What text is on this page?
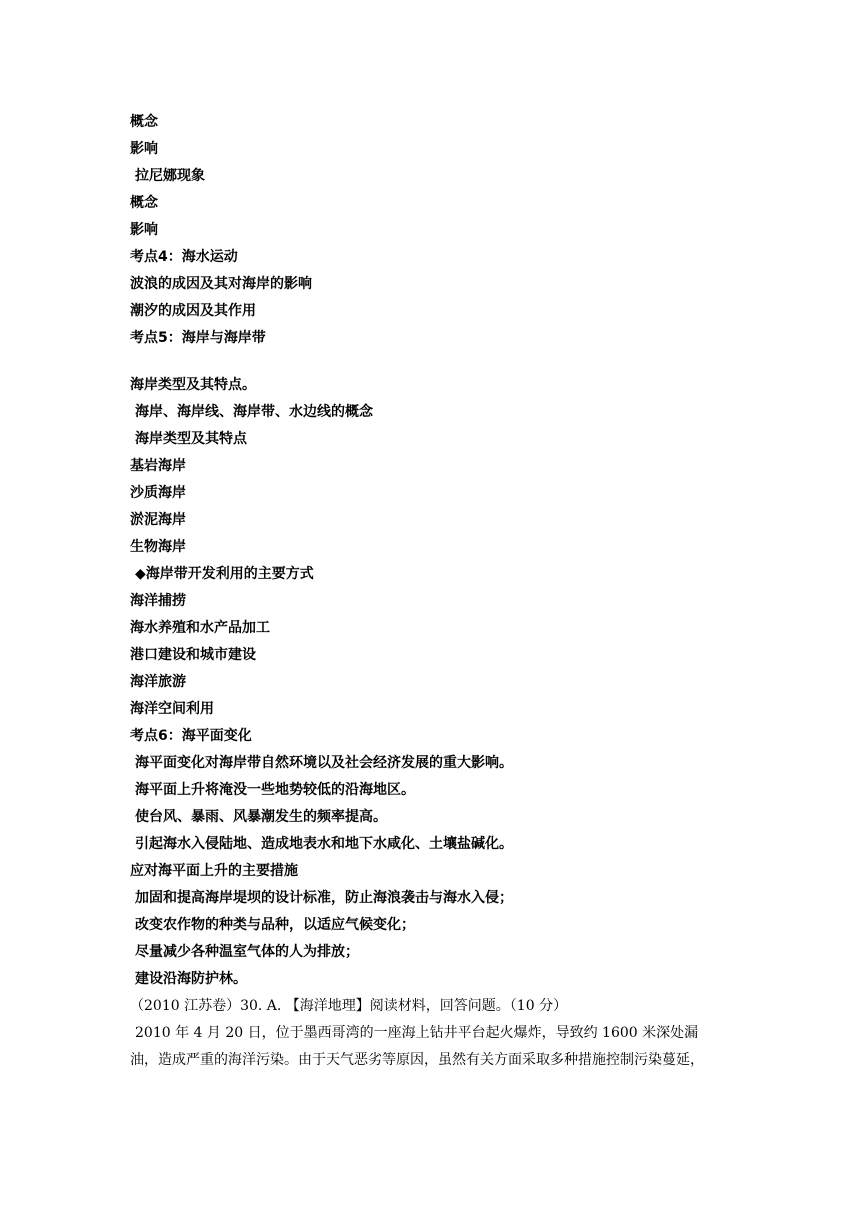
概念
影响
拉尼娜现象
概念
影响
考点4：海水运动
波浪的成因及其对海岸的影响
潮汐的成因及其作用
考点5：海岸与海岸带
海岸类型及其特点。
海岸、海岸线、海岸带、水边线的概念
海岸类型及其特点
基岩海岸
沙质海岸
淤泥海岸
生物海岸
◆海岸带开发利用的主要方式
海洋捕捞
海水养殖和水产品加工
港口建设和城市建设
海洋旅游
海洋空间利用
考点6：海平面变化
海平面变化对海岸带自然环境以及社会经济发展的重大影响。
海平面上升将淹没一些地势较低的沿海地区。
使台风、暴雨、风暴潮发生的频率提高。
引起海水入侵陆地、造成地表水和地下水咸化、土壤盐碱化。
应对海平面上升的主要措施
加固和提高海岸堤坝的设计标准，防止海浪袭击与海水入侵；
改变农作物的种类与品种，以适应气候变化；
尽量减少各种温室气体的人为排放；
建设沿海防护林。
（2010 江苏卷）30. A. 【海洋地理】阅读材料，回答问题。（10 分）
2010 年 4 月 20 日，位于墨西哥湾的一座海上钻井平台起火爆炸，导致约 1600 米深处漏
油，造成严重的海洋污染。由于天气恶劣等原因，虽然有关方面采取多种措施控制污染蔓延，
